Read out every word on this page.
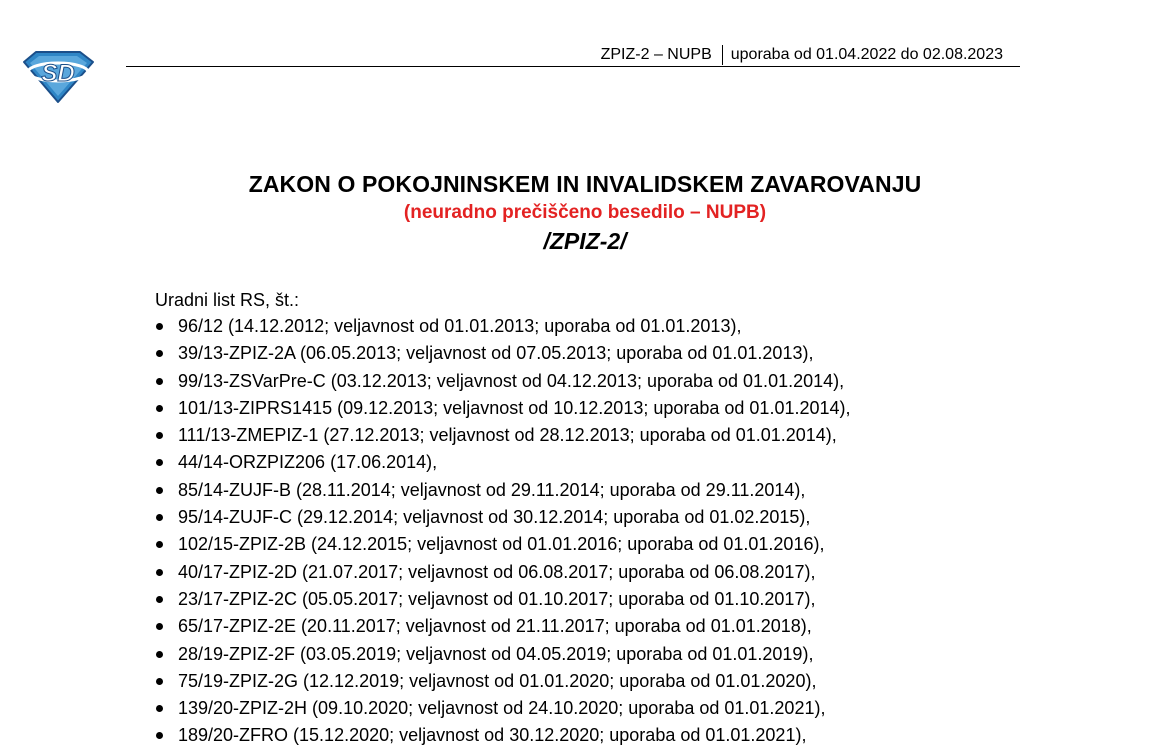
SD
ZPIZ-2 – NUPB uporaba od 01.04.2022 do 02.08.2023
ZAKON O POKOJNINSKEM IN INVALIDSKEM ZAVAROVANJU
(neuradno prečiščeno besedilo – NUPB)
/ZPIZ-2/
Uradni list RS, št.:
96/12 (14.12.2012; veljavnost od 01.01.2013; uporaba od 01.01.2013),
39/13-ZPIZ-2A (06.05.2013; veljavnost od 07.05.2013; uporaba od 01.01.2013),
99/13-ZSVarPre-C (03.12.2013; veljavnost od 04.12.2013; uporaba od 01.01.2014),
101/13-ZIPRS1415 (09.12.2013; veljavnost od 10.12.2013; uporaba od 01.01.2014),
111/13-ZMEPIZ-1 (27.12.2013; veljavnost od 28.12.2013; uporaba od 01.01.2014),
44/14-ORZPIZ206 (17.06.2014),
85/14-ZUJF-B (28.11.2014; veljavnost od 29.11.2014; uporaba od 29.11.2014),
95/14-ZUJF-C (29.12.2014; veljavnost od 30.12.2014; uporaba od 01.02.2015),
102/15-ZPIZ-2B (24.12.2015; veljavnost od 01.01.2016; uporaba od 01.01.2016),
40/17-ZPIZ-2D (21.07.2017; veljavnost od 06.08.2017; uporaba od 06.08.2017),
23/17-ZPIZ-2C (05.05.2017; veljavnost od 01.10.2017; uporaba od 01.10.2017),
65/17-ZPIZ-2E (20.11.2017; veljavnost od 21.11.2017; uporaba od 01.01.2018),
28/19-ZPIZ-2F (03.05.2019; veljavnost od 04.05.2019; uporaba od 01.01.2019),
75/19-ZPIZ-2G (12.12.2019; veljavnost od 01.01.2020; uporaba od 01.01.2020),
139/20-ZPIZ-2H (09.10.2020; veljavnost od 24.10.2020; uporaba od 01.01.2021),
189/20-ZFRO (15.12.2020; veljavnost od 30.12.2020; uporaba od 01.01.2021),
